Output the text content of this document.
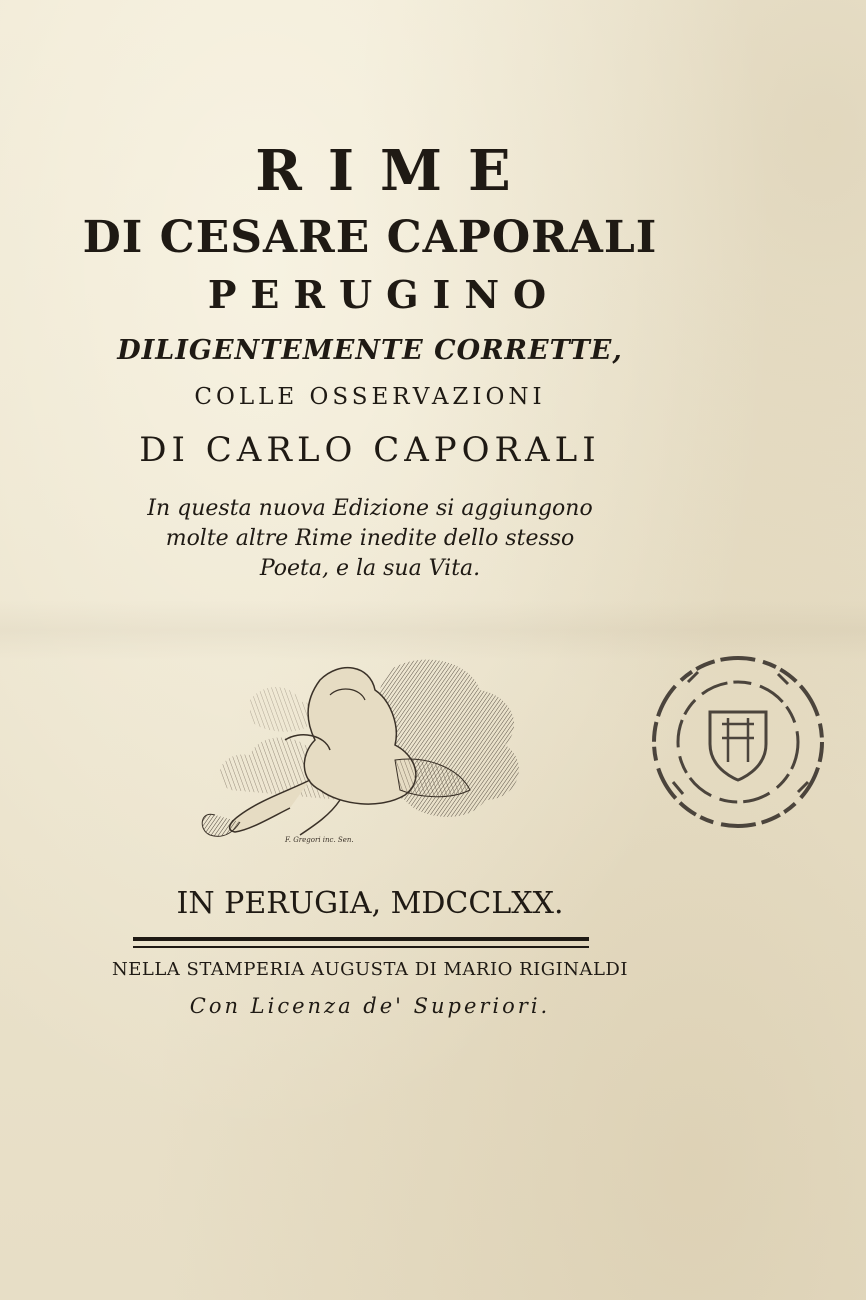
RIME
DI CESARE CAPORALI
PERUGINO
DILIGENTEMENTE CORRETTE,
COLLE OSSERVAZIONI
DI CARLO CAPORALI
In questa nuova Edizione si aggiungono
molte altre Rime inedite dello stesso
Poeta, e la sua Vita.
F. Gregori inc. Sen.
IN PERUGIA, MDCCLXX.
NELLA STAMPERIA AUGUSTA DI MARIO RIGINALDI
Con Licenza de' Superiori.
